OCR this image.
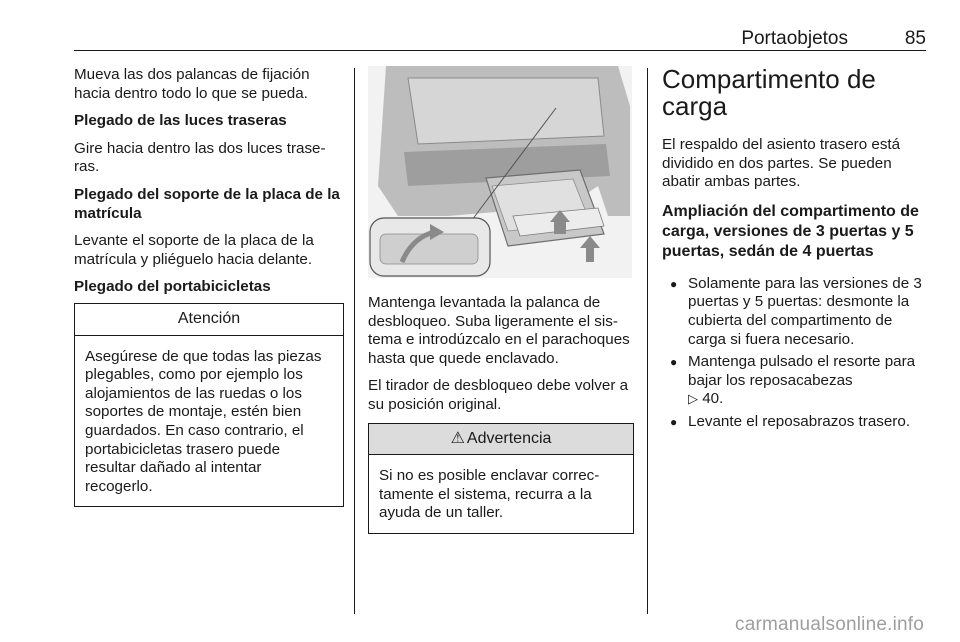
Portaobjetos	85

Mueva las dos palancas de fijación hacia dentro todo lo que se pueda.

Plegado de las luces traseras

Gire hacia dentro las dos luces traseras.

Plegado del soporte de la placa de la matrícula

Levante el soporte de la placa de la matrícula y pliéguelo hacia delante.

Plegado del portabicicletas

Atención
Asegúrese de que todas las piezas plegables, como por ejemplo los alojamientos de las ruedas o los soportes de montaje, estén bien guardados. En caso contrario, el portabicicletas trasero puede resultar dañado al intentar recogerlo.

Mantenga levantada la palanca de desbloqueo. Suba ligeramente el sistema e introdúzcalo en el parachoques hasta que quede enclavado.

El tirador de desbloqueo debe volver a su posición original.

⚠ Advertencia
Si no es posible enclavar correctamente el sistema, recurra a la ayuda de un taller.
Compartimento de carga

El respaldo del asiento trasero está dividido en dos partes. Se pueden abatir ambas partes.

Ampliación del compartimento de carga, versiones de 3 puertas y 5 puertas, sedán de 4 puertas
● Solamente para las versiones de 3 puertas y 5 puertas: desmonte la cubierta del compartimento de carga si fuera necesario.
● Mantenga pulsado el resorte para bajar los reposacabezas
▷ 40.
● Levante el reposabrazos trasero.
carmanualsonline.info
